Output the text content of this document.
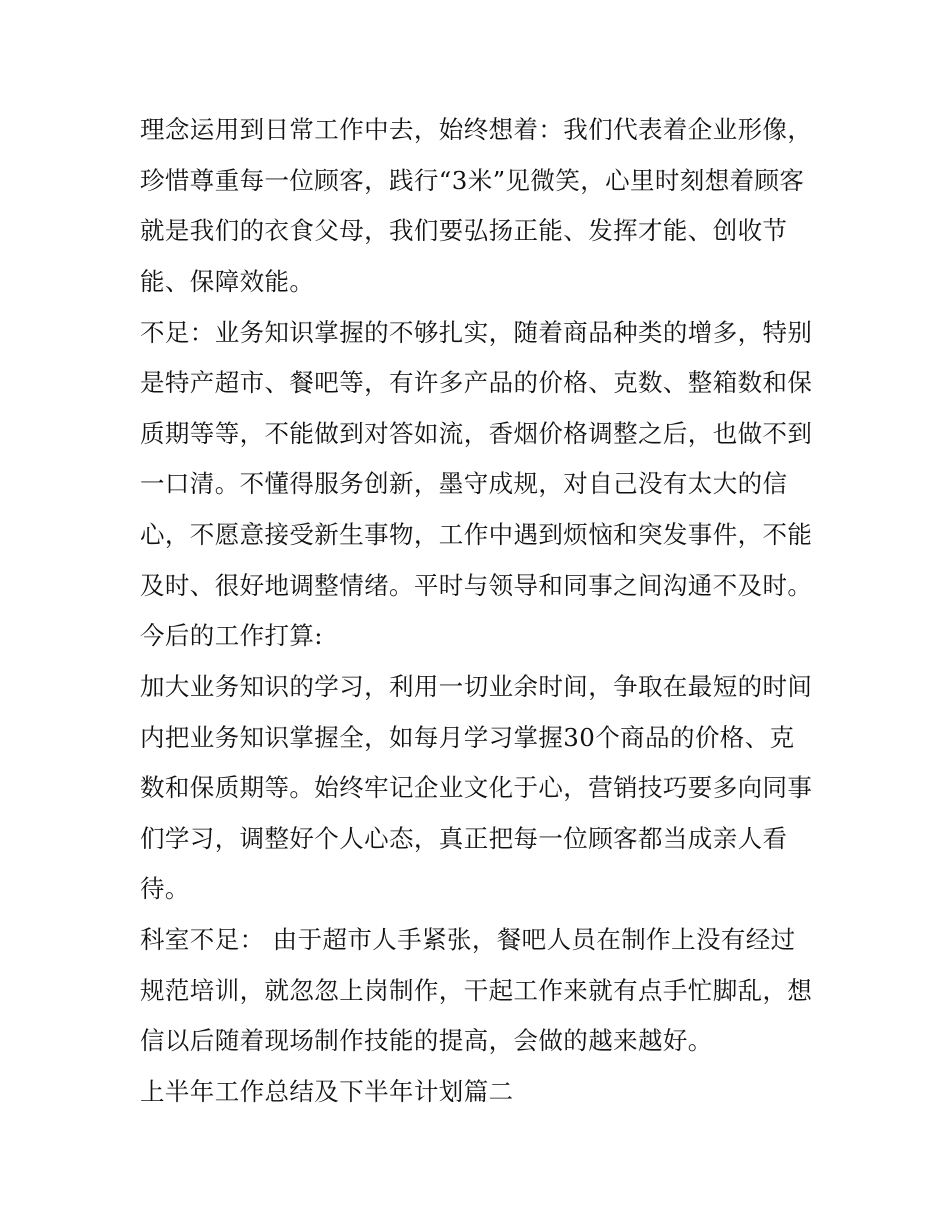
理念运用到日常工作中去，始终想着：我们代表着企业形像，
珍惜尊重每一位顾客，践行“3米”见微笑，心里时刻想着顾客
就是我们的衣食父母，我们要弘扬正能、发挥才能、创收节
能、保障效能。
不足：业务知识掌握的不够扎实，随着商品种类的增多，特别
是特产超市、餐吧等，有许多产品的价格、克数、整箱数和保
质期等等，不能做到对答如流，香烟价格调整之后，也做不到
一口清。不懂得服务创新，墨守成规，对自己没有太大的信
心，不愿意接受新生事物，工作中遇到烦恼和突发事件，不能
及时、很好地调整情绪。平时与领导和同事之间沟通不及时。
今后的工作打算:
加大业务知识的学习，利用一切业余时间，争取在最短的时间
内把业务知识掌握全，如每月学习掌握30个商品的价格、克
数和保质期等。始终牢记企业文化于心，营销技巧要多向同事
们学习，调整好个人心态，真正把每一位顾客都当成亲人看
待。
科室不足： 由于超市人手紧张，餐吧人员在制作上没有经过
规范培训，就忽忽上岗制作，干起工作来就有点手忙脚乱，想
信以后随着现场制作技能的提高，会做的越来越好。
上半年工作总结及下半年计划篇二
